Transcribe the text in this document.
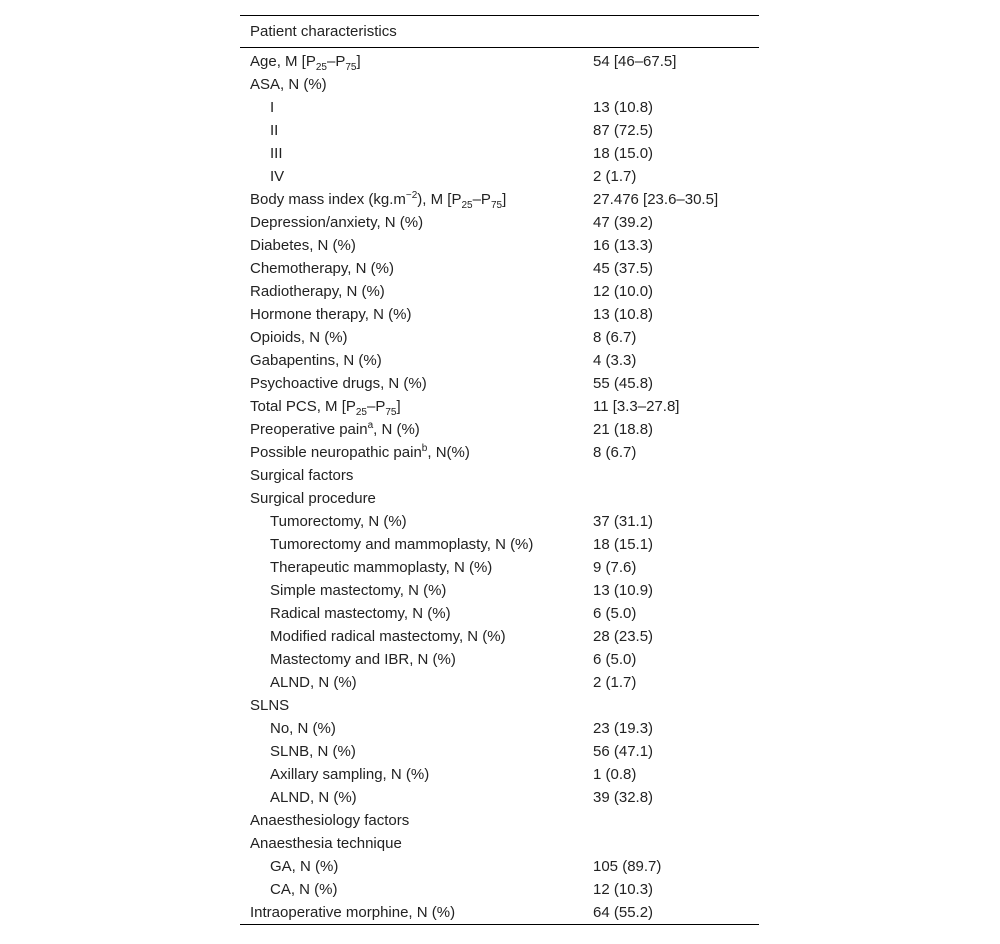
Patient characteristics	
Age, M $[P_{25}-P_{75}]$	54 [46–67.5]
ASA, N (%)	
I	13 (10.8)
II	87 (72.5)
III	18 (15.0)
IV	2 (1.7)
Body mass index $(kg.m^{-2})$, M $[P_{25}-P_{75}]$	27.476 [23.6–30.5]
Depression/anxiety, N (%)	47 (39.2)
Diabetes, N (%)	16 (13.3)
Chemotherapy, N (%)	45 (37.5)
Radiotherapy, N (%)	12 (10.0)
Hormone therapy, N (%)	13 (10.8)
Opioids, N (%)	8 (6.7)
Gabapentins, N (%)	4 (3.3)
Psychoactive drugs, N (%)	55 (45.8)
Total PCS, M $[P_{25}-P_{75}]$	11 [3.3–27.8]
Preoperative pain$^a$, N (%)	21 (18.8)
Possible neuropathic pain$^b$, N(%)	8 (6.7)
Surgical factors	
Surgical procedure	
Tumorectomy, N (%)	37 (31.1)
Tumorectomy and mammoplasty, N (%)	18 (15.1)
Therapeutic mammoplasty, N (%)	9 (7.6)
Simple mastectomy, N (%)	13 (10.9)
Radical mastectomy, N (%)	6 (5.0)
Modified radical mastectomy, N (%)	28 (23.5)
Mastectomy and IBR, N (%)	6 (5.0)
ALND, N (%)	2 (1.7)
SLNS	
No, N (%)	23 (19.3)
SLNB, N (%)	56 (47.1)
Axillary sampling, N (%)	1 (0.8)
ALND, N (%)	39 (32.8)
Anaesthesiology factors	
Anaesthesia technique	
GA, N (%)	105 (89.7)
CA, N (%)	12 (10.3)
Intraoperative morphine, N (%)	64 (55.2)
